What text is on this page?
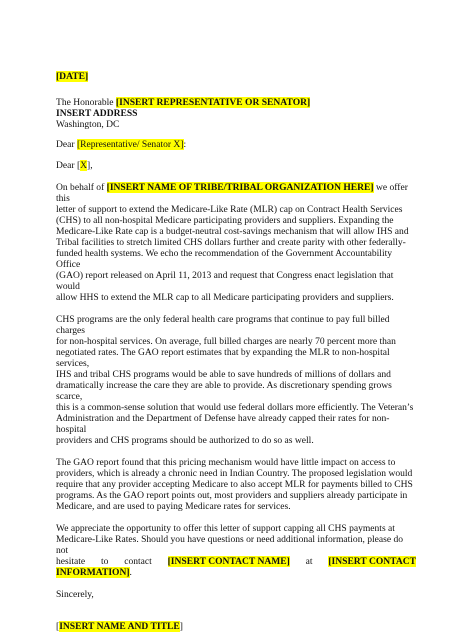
[DATE]

The Honorable [INSERT REPRESENTATIVE OR SENATOR]
INSERT ADDRESS
Washington, DC

Dear [Representative/ Senator X]:

Dear [X],

On behalf of [INSERT NAME OF TRIBE/TRIBAL ORGANIZATION HERE] we offer this
letter of support to extend the Medicare-Like Rate (MLR) cap on Contract Health Services
(CHS) to all non-hospital Medicare participating providers and suppliers. Expanding the
Medicare-Like Rate cap is a budget-neutral cost-savings mechanism that will allow IHS and
Tribal facilities to stretch limited CHS dollars further and create parity with other federally-
funded health systems. We echo the recommendation of the Government Accountability Office
(GAO) report released on April 11, 2013 and request that Congress enact legislation that would
allow HHS to extend the MLR cap to all Medicare participating providers and suppliers.

CHS programs are the only federal health care programs that continue to pay full billed charges
for non-hospital services. On average, full billed charges are nearly 70 percent more than
negotiated rates. The GAO report estimates that by expanding the MLR to non-hospital services,
IHS and tribal CHS programs would be able to save hundreds of millions of dollars and
dramatically increase the care they are able to provide. As discretionary spending grows scarce,
this is a common-sense solution that would use federal dollars more efficiently. The Veteran’s
Administration and the Department of Defense have already capped their rates for non-hospital
providers and CHS programs should be authorized to do so as well.

The GAO report found that this pricing mechanism would have little impact on access to
providers, which is already a chronic need in Indian Country. The proposed legislation would
require that any provider accepting Medicare to also accept MLR for payments billed to CHS
programs. As the GAO report points out, most providers and suppliers already participate in
Medicare, and are used to paying Medicare rates for services.

We appreciate the opportunity to offer this letter of support capping all CHS payments at
Medicare-Like Rates. Should you have questions or need additional information, please do not
hesitate to contact [INSERT CONTACT NAME] at [INSERT CONTACT
INFORMATION].

Sincerely,

[INSERT NAME AND TITLE]
